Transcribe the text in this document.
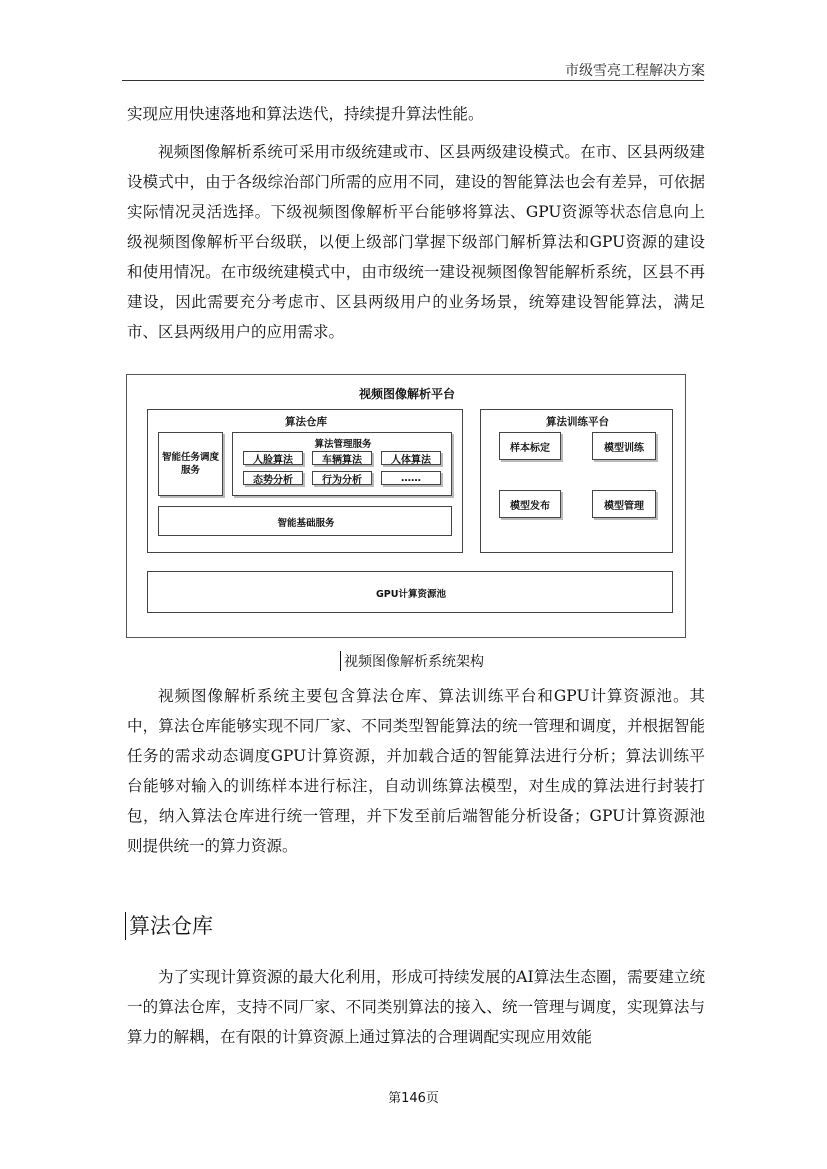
市级雪亮工程解决方案

实现应用快速落地和算法迭代，持续提升算法性能。

视频图像解析系统可采用市级统建或市、区县两级建设模式。在市、区县两级建设模式中，由于各级综治部门所需的应用不同，建设的智能算法也会有差异，可依据实际情况灵活选择。下级视频图像解析平台能够将算法、GPU资源等状态信息向上级视频图像解析平台级联，以便上级部门掌握下级部门解析算法和GPU资源的建设和使用情况。在市级统建模式中，由市级统一建设视频图像智能解析系统，区县不再建设，因此需要充分考虑市、区县两级用户的业务场景，统筹建设智能算法，满足市、区县两级用户的应用需求。

视频图像解析平台
算法仓库
智能任务调度服务
算法管理服务
人脸算法	车辆算法	人体算法
态势分析	行为分析	……
智能基础服务
算法训练平台
样本标定	模型训练
模型发布	模型管理
GPU计算资源池
视频图像解析系统架构

视频图像解析系统主要包含算法仓库、算法训练平台和GPU计算资源池。其中，算法仓库能够实现不同厂家、不同类型智能算法的统一管理和调度，并根据智能任务的需求动态调度GPU计算资源，并加载合适的智能算法进行分析；算法训练平台能够对输入的训练样本进行标注，自动训练算法模型，对生成的算法进行封装打包，纳入算法仓库进行统一管理，并下发至前后端智能分析设备；GPU计算资源池则提供统一的算力资源。

算法仓库

为了实现计算资源的最大化利用，形成可持续发展的AI算法生态圈，需要建立统一的算法仓库，支持不同厂家、不同类别算法的接入、统一管理与调度，实现算法与算力的解耦，在有限的计算资源上通过算法的合理调配实现应用效能

第146页
